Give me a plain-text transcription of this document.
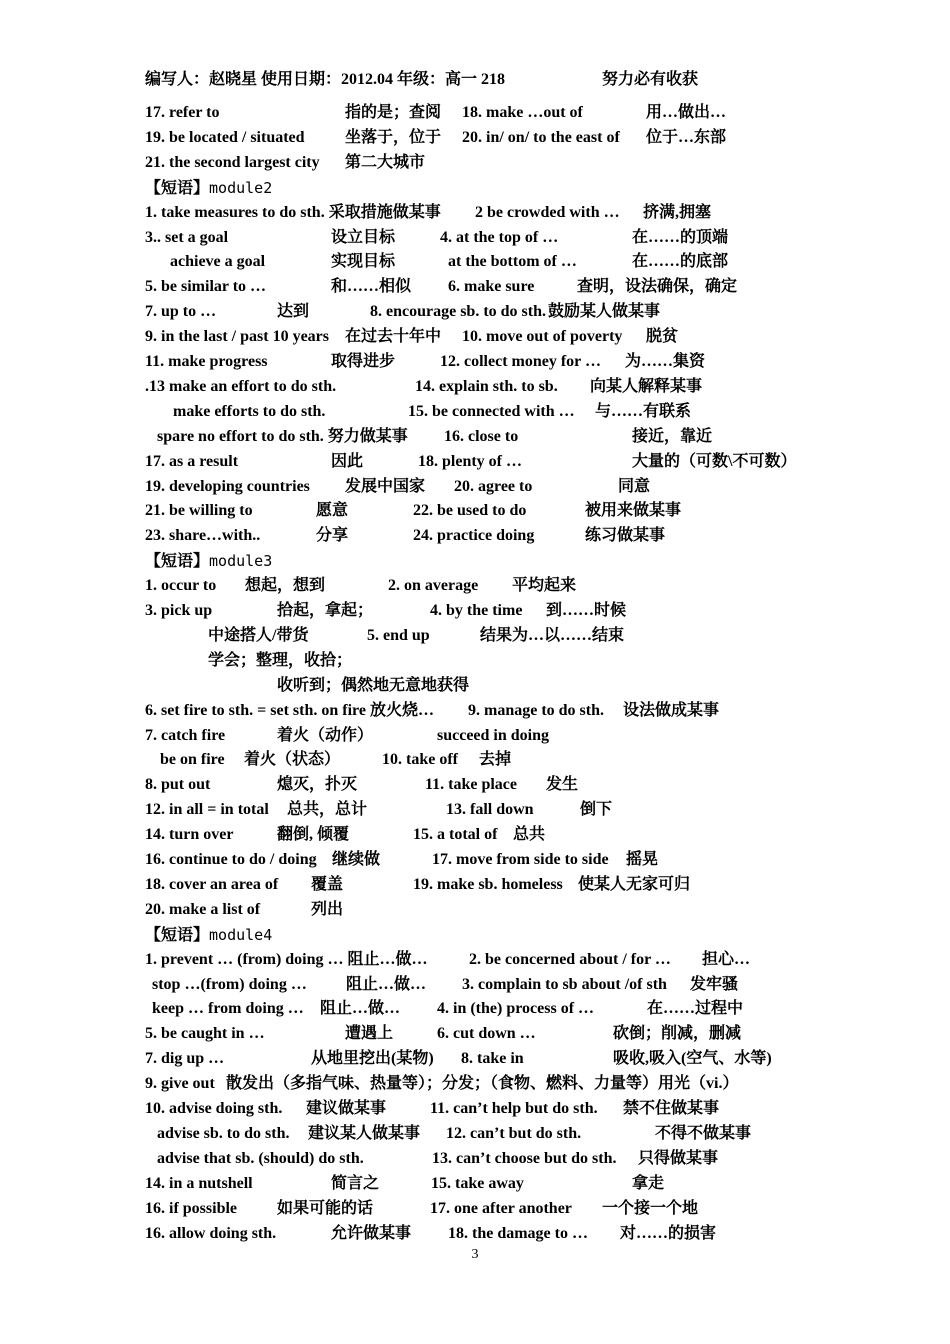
编写人：赵晓星 使用日期：2012.04 年级：高一 218	努力必有收获
17. refer to	指的是；查阅 18. make …out of	用…做出…
19. be located / situated	坐落于，位于 20. in/ on/ to the east of 位于…东部
21. the second largest city 第二大城市
【短语】module2
1. take measures to do sth. 采取措施做某事 2 be crowded with … 挤满,拥塞
3.. set a goal	设立目标	4. at the top of …	在……的顶端
achieve a goal	实现目标	at the bottom of …	在……的底部
5. be similar to …	和……相似 6. make sure	查明，设法确保，确定
7. up to …	达到	8. encourage sb. to do sth. 鼓励某人做某事
9. in the last / past 10 years 在过去十年中 10. move out of poverty 脱贫
11. make progress	取得进步	12. collect money for … 为……集资
.13 make an effort to do sth.	14. explain sth. to sb. 向某人解释某事
make efforts to do sth.	15. be connected with … 与……有联系
spare no effort to do sth. 努力做某事 16. close to	接近，靠近
17. as a result	因此	18. plenty of …	大量的（可数\不可数）
19. developing countries 发展中国家 20. agree to	同意
21. be willing to	愿意	22. be used to do	被用来做某事
23. share…with..	分享	24. practice doing	练习做某事
【短语】module3
1. occur to 想起，想到	2. on average 平均起来
3. pick up	拾起，拿起；	4. by the time 到……时候
中途搭人/带货	5. end up	结果为…以……结束
学会；整理，收拾；
收听到；偶然地无意地获得
6. set fire to sth. = set sth. on fire 放火烧… 9. manage to do sth. 设法做成某事
7. catch fire	着火（动作）	succeed in doing
be on fire 着火（状态）	10. take off 去掉
8. put out	熄灭，扑灭	11. take place 发生
12. in all = in total 总共，总计	13. fall down	倒下
14. turn over	翻倒, 倾覆	15. a total of 总共
16. continue to do / doing 继续做	17. move from side to side 摇晃
18. cover an area of 覆盖	19. make sb. homeless 使某人无家可归
20. make a list of	列出
【短语】module4
1. prevent … (from) doing … 阻止…做…	2. be concerned about / for … 担心…
stop …(from) doing … 阻止…做… 3. complain to sb about /of sth 发牢骚
keep … from doing … 阻止…做… 4. in (the) process of …	在……过程中
5. be caught in …	遭遇上	6. cut down …	砍倒；削减，删减
7. dig up …	从地里挖出(某物) 8. take in	吸收,吸入(空气、水等)
9. give out 散发出（多指气味、热量等）；分发；（食物、燃料、力量等）用光（vi.）
10. advise doing sth. 建议做某事	11. can’t help but do sth. 禁不住做某事
advise sb. to do sth. 建议某人做某事 12. can’t but do sth.	不得不做某事
advise that sb. (should) do sth.	13. can’t choose but do sth. 只得做某事
14. in a nutshell	简言之	15. take away	拿走
16. if possible 如果可能的话	17. one after another 一个接一个地
16. allow doing sth.	允许做某事 18. the damage to … 对……的损害
3
